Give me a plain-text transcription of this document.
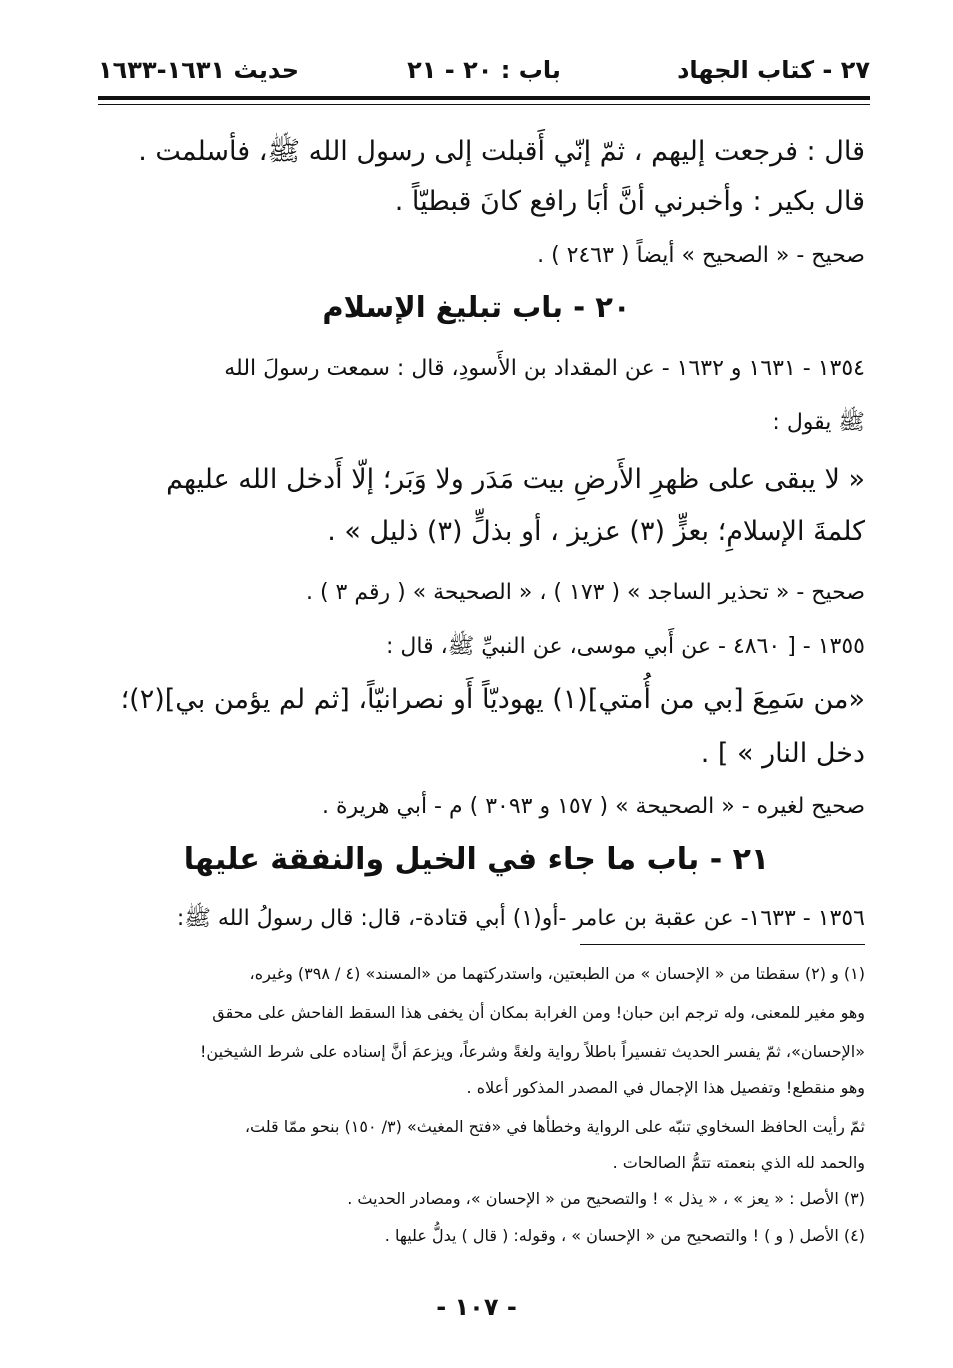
٢٧ - كتاب الجهاد
باب : ٢٠ - ٢١
حديث ١٦٣١-١٦٣٣
قال : فرجعت إليهم ، ثمّ إنّي أَقبلت إلى رسول الله ﷺ، فأسلمت .
قال بكير : وأخبرني أنَّ أبَا رافع كانَ قبطيّاً .
صحيح - « الصحيح » أيضاً ( ٢٤٦٣ ) .
٢٠ - باب تبليغ الإسلام
١٣٥٤ - ١٦٣١ و ١٦٣٢ - عن المقداد بن الأَسودِ، قال : سمعت رسولَ الله
ﷺ يقول :
« لا يبقى على ظهرِ الأَرضِ بيت مَدَر ولا وَبَر؛ إلّا أَدخل الله عليهم
كلمةَ الإسلامِ؛ بعزٍّ (٣) عزيز ، أو بذلٍّ (٣) ذليل » .
صحيح - « تحذير الساجد » ( ١٧٣ ) ، « الصحيحة » ( رقم ٣ ) .
١٣٥٥ - [ ٤٨٦٠ - عن أَبي موسى، عن النبيِّ ﷺ، قال :
«من سَمِعَ [بي من أُمتي](١) يهوديّاً أَو نصرانيّاً، [ثم لم يؤمن بي](٢)؛
دخل النار » ] .
صحيح لغيره - « الصحيحة » ( ١٥٧ و ٣٠٩٣ ) م - أبي هريرة .
٢١ - باب ما جاء في الخيل والنفقة عليها
١٣٥٦ - ١٦٣٣- عن عقبة بن عامر -أو(١) أبي قتادة-، قال: قال رسولُ الله ﷺ:
(١) و (٢) سقطتا من « الإحسان » من الطبعتين، واستدركتهما من «المسند» (٤ / ٣٩٨) وغيره،
وهو مغير للمعنى، وله ترجم ابن حبان! ومن الغرابة بمكان أن يخفى هذا السقط الفاحش على محقق
«الإحسان»، ثمّ يفسر الحديث تفسيراً باطلاً رواية ولغةً وشرعاً، ويزعمَ أنَّ إسناده على شرط الشيخين!
وهو منقطع! وتفصيل هذا الإجمال في المصدر المذكور أعلاه .
ثمّ رأيت الحافظ السخاوي تنبّه على الرواية وخطأها في «فتح المغيث» (٣/ ١٥٠) بنحو ممّا قلت،
والحمد لله الذي بنعمته تتمُّ الصالحات .
(٣) الأصل : « يعز » ، « يذل » ! والتصحيح من « الإحسان »، ومصادر الحديث .
(٤) الأصل ( و ) ! والتصحيح من « الإحسان » ، وقوله: ( قال ) يدلُّ عليها .
- ١٠٧ -
